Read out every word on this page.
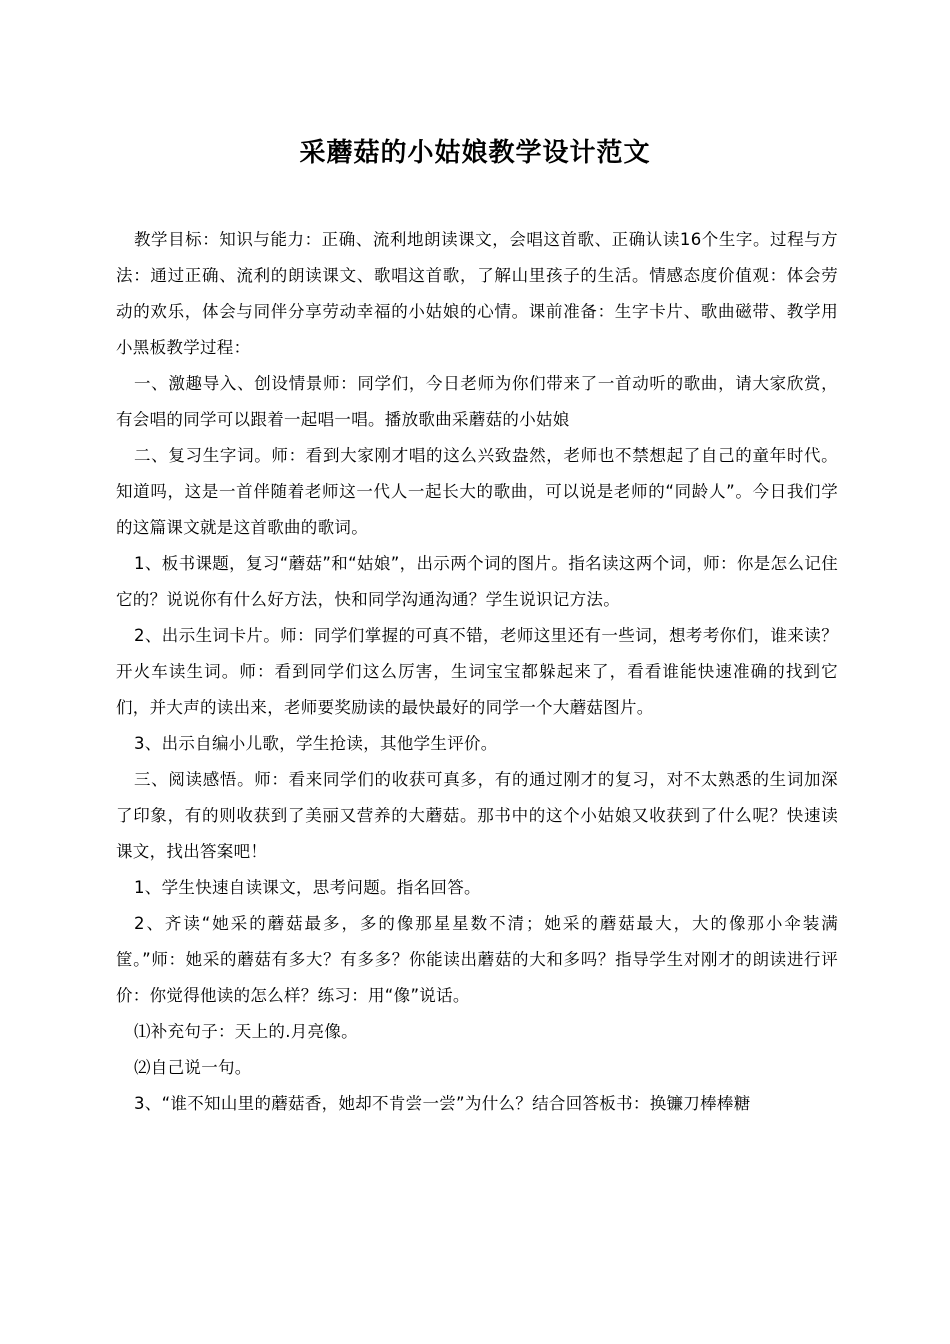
采蘑菇的小姑娘教学设计范文

教学目标：知识与能力：正确、流利地朗读课文，会唱这首歌、正确认读16个生字。过程与方法：通过正确、流利的朗读课文、歌唱这首歌，了解山里孩子的生活。情感态度价值观：体会劳动的欢乐，体会与同伴分享劳动幸福的小姑娘的心情。课前准备：生字卡片、歌曲磁带、教学用小黑板教学过程：

一、激趣导入、创设情景师：同学们，今日老师为你们带来了一首动听的歌曲，请大家欣赏，有会唱的同学可以跟着一起唱一唱。播放歌曲采蘑菇的小姑娘

二、复习生字词。师：看到大家刚才唱的这么兴致盎然，老师也不禁想起了自己的童年时代。知道吗，这是一首伴随着老师这一代人一起长大的歌曲，可以说是老师的“同龄人”。今日我们学的这篇课文就是这首歌曲的歌词。

1、板书课题，复习“蘑菇”和“姑娘”，出示两个词的图片。指名读这两个词，师：你是怎么记住它的？说说你有什么好方法，快和同学沟通沟通？学生说识记方法。

2、出示生词卡片。师：同学们掌握的可真不错，老师这里还有一些词，想考考你们，谁来读？开火车读生词。师：看到同学们这么厉害，生词宝宝都躲起来了，看看谁能快速准确的找到它们，并大声的读出来，老师要奖励读的最快最好的同学一个大蘑菇图片。

3、出示自编小儿歌，学生抢读，其他学生评价。

三、阅读感悟。师：看来同学们的收获可真多，有的通过刚才的复习，对不太熟悉的生词加深了印象，有的则收获到了美丽又营养的大蘑菇。那书中的这个小姑娘又收获到了什么呢？快速读课文，找出答案吧！

1、学生快速自读课文，思考问题。指名回答。

2、齐读“她采的蘑菇最多，多的像那星星数不清；她采的蘑菇最大，大的像那小伞装满筐。”师：她采的蘑菇有多大？有多多？你能读出蘑菇的大和多吗？指导学生对刚才的朗读进行评价：你觉得他读的怎么样？练习：用“像”说话。

⑴补充句子：天上的.月亮像。

⑵自己说一句。

3、“谁不知山里的蘑菇香，她却不肯尝一尝”为什么？结合回答板书：换镰刀棒棒糖
